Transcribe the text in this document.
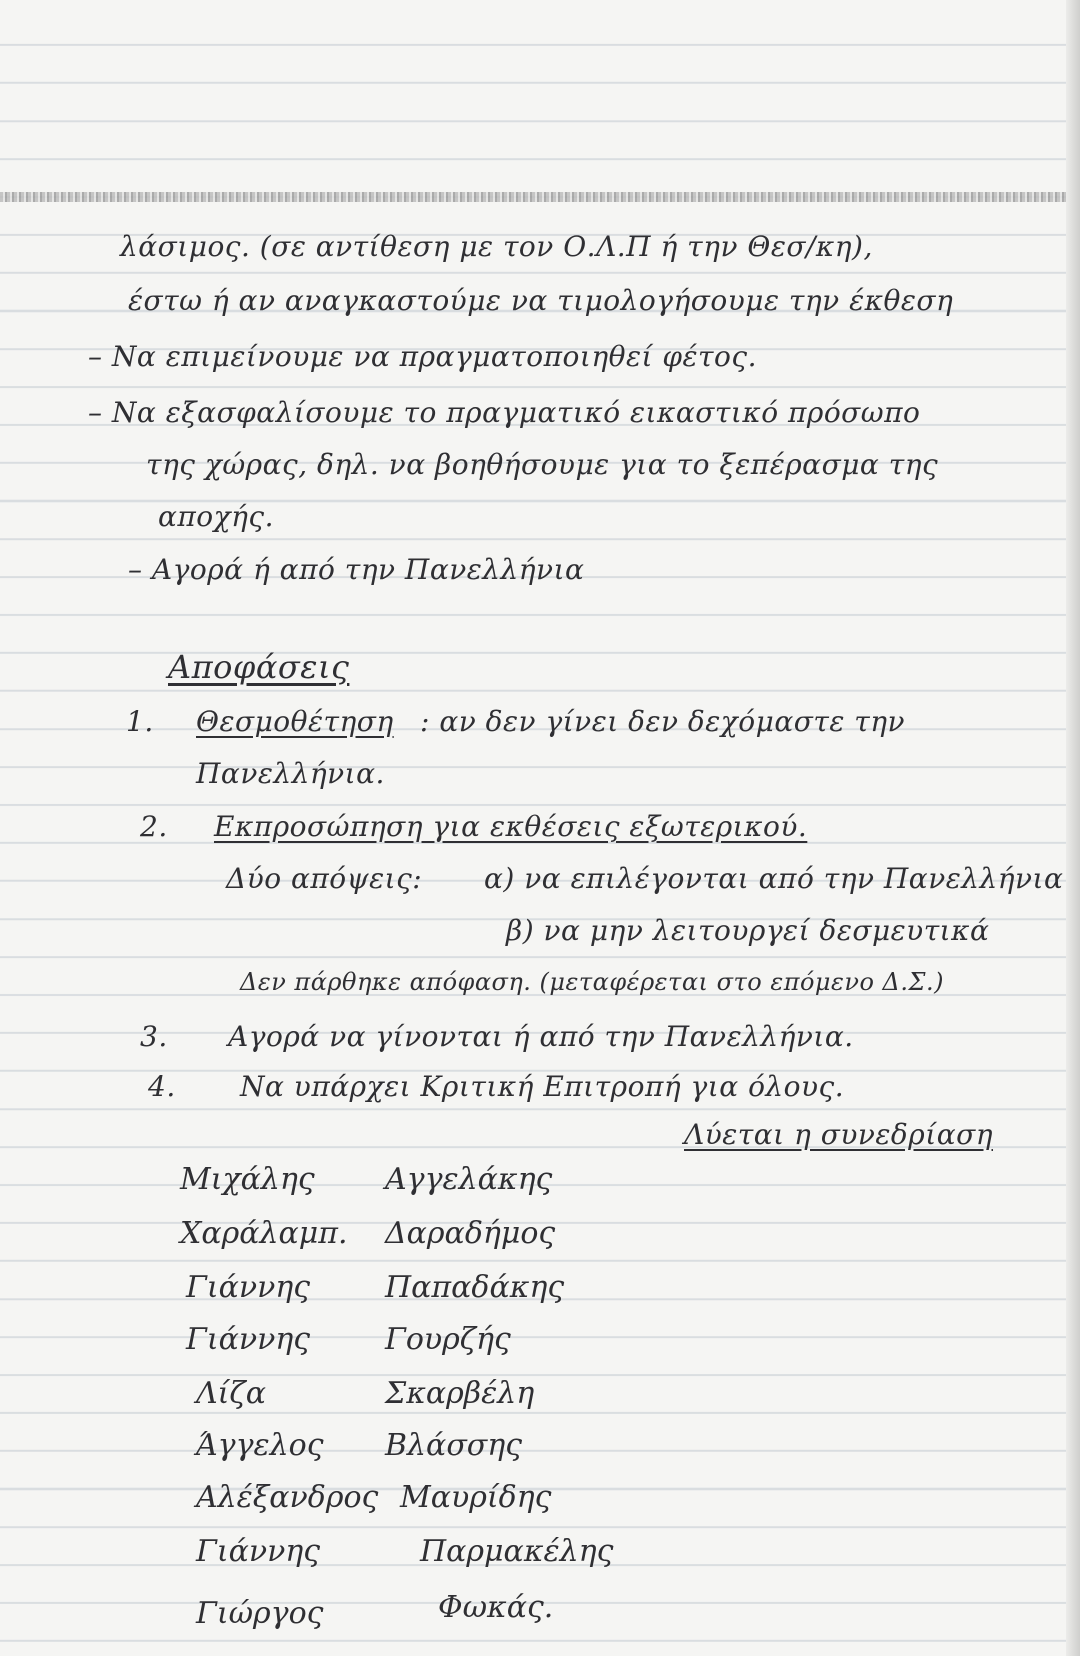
λάσιμος. (σε αντίθεση με τον Ο.Λ.Π ή την Θεσ/κη),
έστω ή αν αναγκαστούμε να τιμολογήσουμε την έκθεση
– Να επιμείνουμε να πραγματοποιηθεί φέτος.
– Να εξασφαλίσουμε το πραγματικό εικαστικό πρόσωπο
της χώρας, δηλ. να βοηθήσουμε για το ξεπέρασμα της
αποχής.
– Αγορά ή από την Πανελλήνια
Αποφάσεις
1. Θεσμοθέτηση : αν δεν γίνει δεν δεχόμαστε την
Πανελλήνια.
2. Εκπροσώπηση για εκθέσεις εξωτερικού.
Δύο απόψεις: α) να επιλέγονται από την Πανελλήνια
β) να μην λειτουργεί δεσμευτικά
Δεν πάρθηκε απόφαση. (μεταφέρεται στο επόμενο Δ.Σ.)
3. Αγορά να γίνονται ή από την Πανελλήνια.
4. Να υπάρχει Κριτική Επιτροπή για όλους.
Λύεται η συνεδρίαση
Μιχάλης Αγγελάκης
Χαράλαμπ. Δαραδήμος
Γιάννης Παπαδάκης
Γιάννης Γουρζής
Λίζα	Σκαρβέλη
Άγγελος Βλάσσης
Αλέξανδρος Μαυρίδης
Γιάννης	Παρμακέλης
Γιώργος	Φωκάς.
